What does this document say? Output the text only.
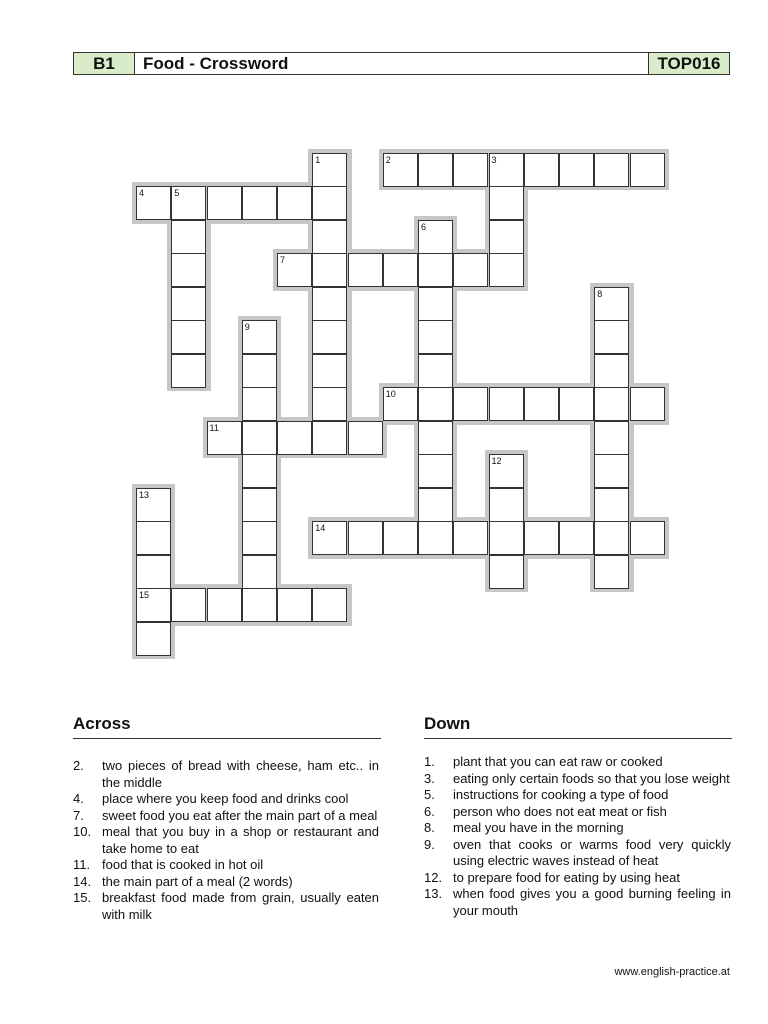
B1	Food - Crossword	TOP016
1	2	3
4	5
6
7
8
9
10
11
12
13
14
15
Across
2.	two pieces of bread with cheese, ham etc.. in the middle
4.	place where you keep food and drinks cool
7.	sweet food you eat after the main part of a meal
10. meal that you buy in a shop or restaurant and take home to eat
11. food that is cooked in hot oil
14. the main part of a meal (2 words)
15. breakfast food made from grain, usually eaten with milk
Down
1.	plant that you can eat raw or cooked
3.	eating only certain foods so that you lose weight
5.	instructions for cooking a type of food
6.	person who does not eat meat or fish
8.	meal you have in the morning
9.	oven that cooks or warms food very quickly using electric waves instead of heat
12. to prepare food for eating by using heat
13. when food gives you a good burning feeling in your mouth
www.english-practice.at
